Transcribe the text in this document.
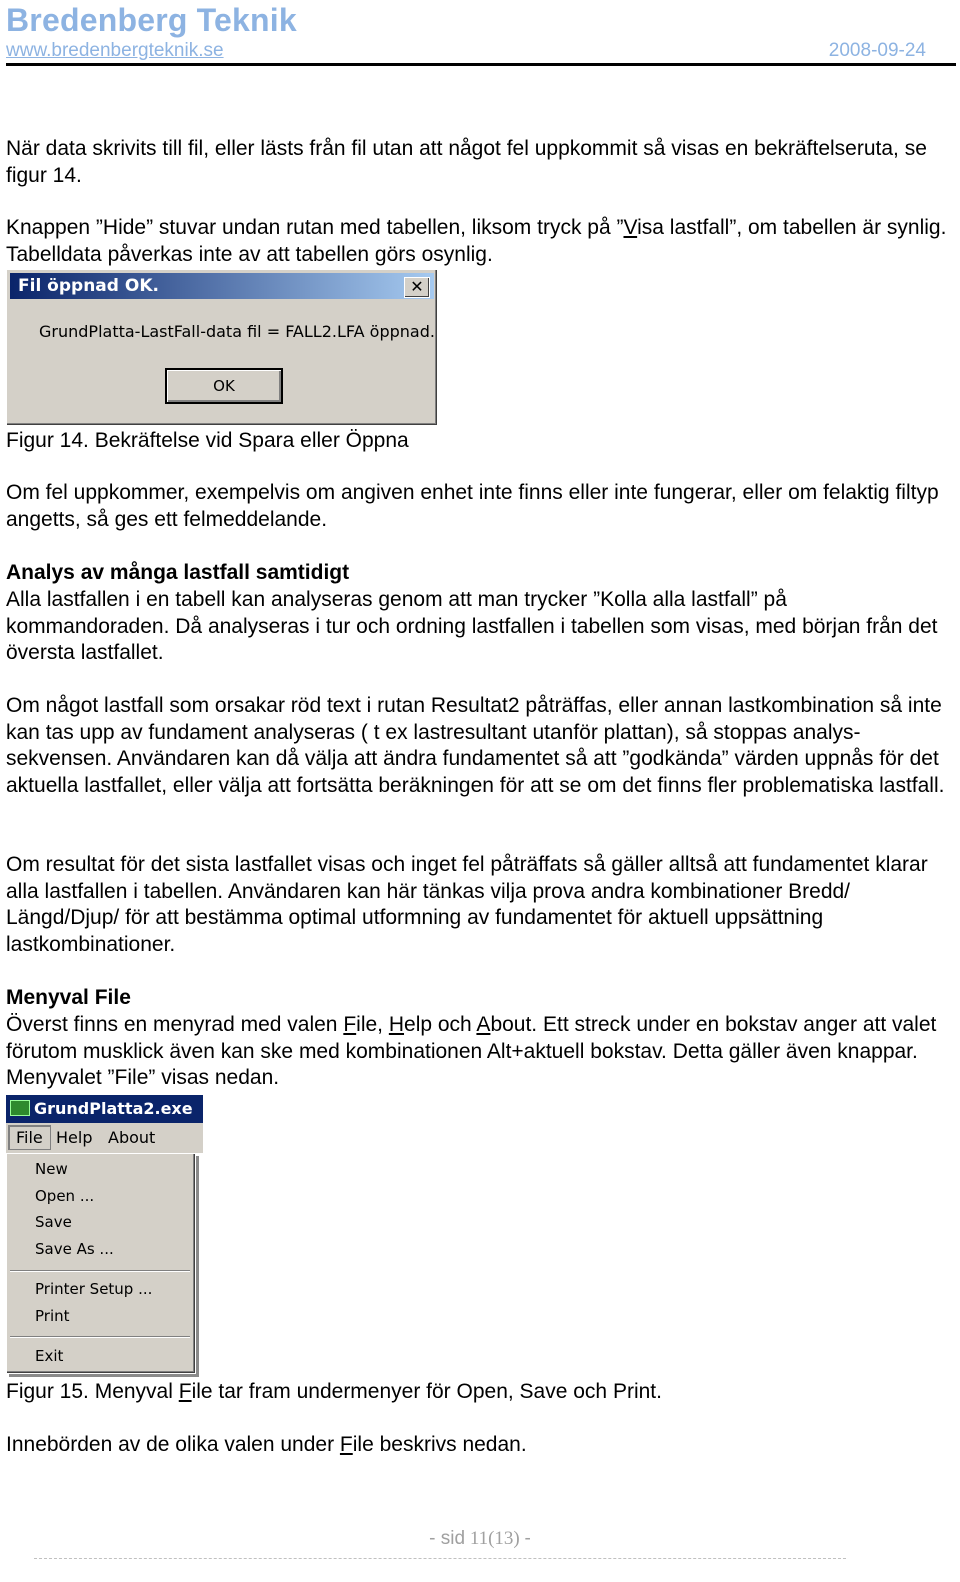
Bredenberg Teknik
www.bredenbergteknik.se	2008-09-24

När data skrivits till fil, eller lästs från fil utan att något fel uppkommit så visas en bekräftelseruta, se figur 14.

Knappen ”Hide” stuvar undan rutan med tabellen, liksom tryck på ”Visa lastfall”, om tabellen är synlig. Tabelldata påverkas inte av att tabellen görs osynlig.

Fil öppnad OK.	✕
GrundPlatta-LastFall-data fil = FALL2.LFA öppnad.
OK

Figur 14. Bekräftelse vid Spara eller Öppna

Om fel uppkommer, exempelvis om angiven enhet inte finns eller inte fungerar, eller om felaktig filtyp angetts, så ges ett felmeddelande.

Analys av många lastfall samtidigt

Alla lastfallen i en tabell kan analyseras genom att man trycker ”Kolla alla lastfall” på kommandoraden. Då analyseras i tur och ordning lastfallen i tabellen som visas, med början från det översta lastfallet.

Om något lastfall som orsakar röd text i rutan Resultat2 påträffas, eller annan lastkombination så inte kan tas upp av fundament analyseras ( t ex lastresultant utanför plattan), så stoppas analys-sekvensen. Användaren kan då välja att ändra fundamentet så att ”godkända” värden uppnås för det aktuella lastfallet, eller välja att fortsätta beräkningen för att se om det finns fler problematiska lastfall.

Om resultat för det sista lastfallet visas och inget fel påträffats så gäller alltså att fundamentet klarar alla lastfallen i tabellen. Användaren kan här tänkas vilja prova andra kombinationer Bredd/ Längd/Djup/ för att bestämma optimal utformning av fundamentet för aktuell uppsättning lastkombinationer.

Menyval File

Överst finns en menyrad med valen File, Help och About. Ett streck under en bokstav anger att valet förutom musklick även kan ske med kombinationen Alt+aktuell bokstav. Detta gäller även knappar. Menyvalet ”File” visas nedan.

GrundPlatta2.exe
File Help About
New
Open ...
Save
Save As ...
Printer Setup ...
Print
Exit

Figur 15. Menyval File tar fram undermenyer för Open, Save och Print.

Innebörden av de olika valen under File beskrivs nedan.

- sid 11(13) -
